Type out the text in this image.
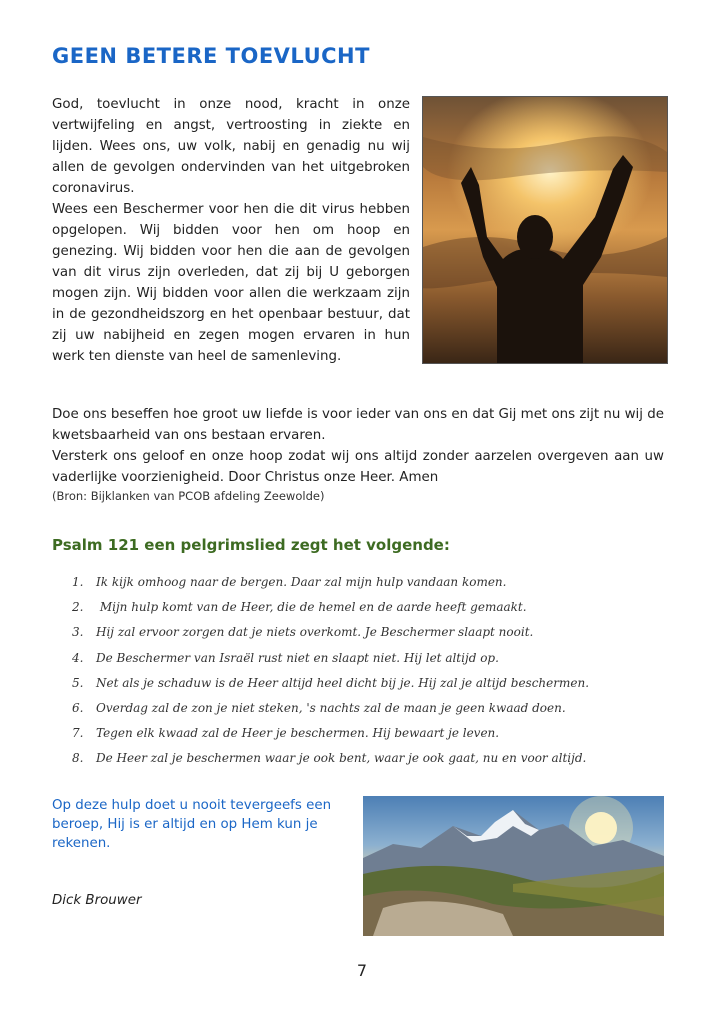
GEEN BETERE TOEVLUCHT

God, toevlucht in onze nood, kracht in onze vertwijfeling en angst, vertroosting in ziekte en lijden. Wees ons, uw volk, nabij en genadig nu wij allen de gevolgen ondervinden van het uitgebroken coronavirus.

Wees een Beschermer voor hen die dit virus hebben opgelopen. Wij bidden voor hen om hoop en genezing. Wij bidden voor hen die aan de gevolgen van dit virus zijn overleden, dat zij bij U geborgen mogen zijn. Wij bidden voor allen die werkzaam zijn in de gezondheidszorg en het openbaar bestuur, dat zij uw nabijheid en zegen mogen ervaren in hun werk ten dienste van heel de samenleving.

Doe ons beseffen hoe groot uw liefde is voor ieder van ons en dat Gij met ons zijt nu wij de kwetsbaarheid van ons bestaan ervaren.

Versterk ons geloof en onze hoop zodat wij ons altijd zonder aarzelen overgeven aan uw vaderlijke voorzienigheid. Door Christus onze Heer. Amen

(Bron: Bijklanken van PCOB afdeling Zeewolde)

Psalm 121 een pelgrimslied zegt het volgende:
1. Ik kijk omhoog naar de bergen. Daar zal mijn hulp vandaan komen.
2. Mijn hulp komt van de Heer, die de hemel en de aarde heeft gemaakt.
3. Hij zal ervoor zorgen dat je niets overkomt. Je Beschermer slaapt nooit.
4. De Beschermer van Israël rust niet en slaapt niet. Hij let altijd op.
5. Net als je schaduw is de Heer altijd heel dicht bij je. Hij zal je altijd beschermen.
6. Overdag zal de zon je niet steken, 's nachts zal de maan je geen kwaad doen.
7. Tegen elk kwaad zal de Heer je beschermen. Hij bewaart je leven.
8. De Heer zal je beschermen waar je ook bent, waar je ook gaat, nu en voor altijd.

Op deze hulp doet u nooit tevergeefs een beroep, Hij is er altijd en op Hem kun je rekenen.

Dick Brouwer

7
